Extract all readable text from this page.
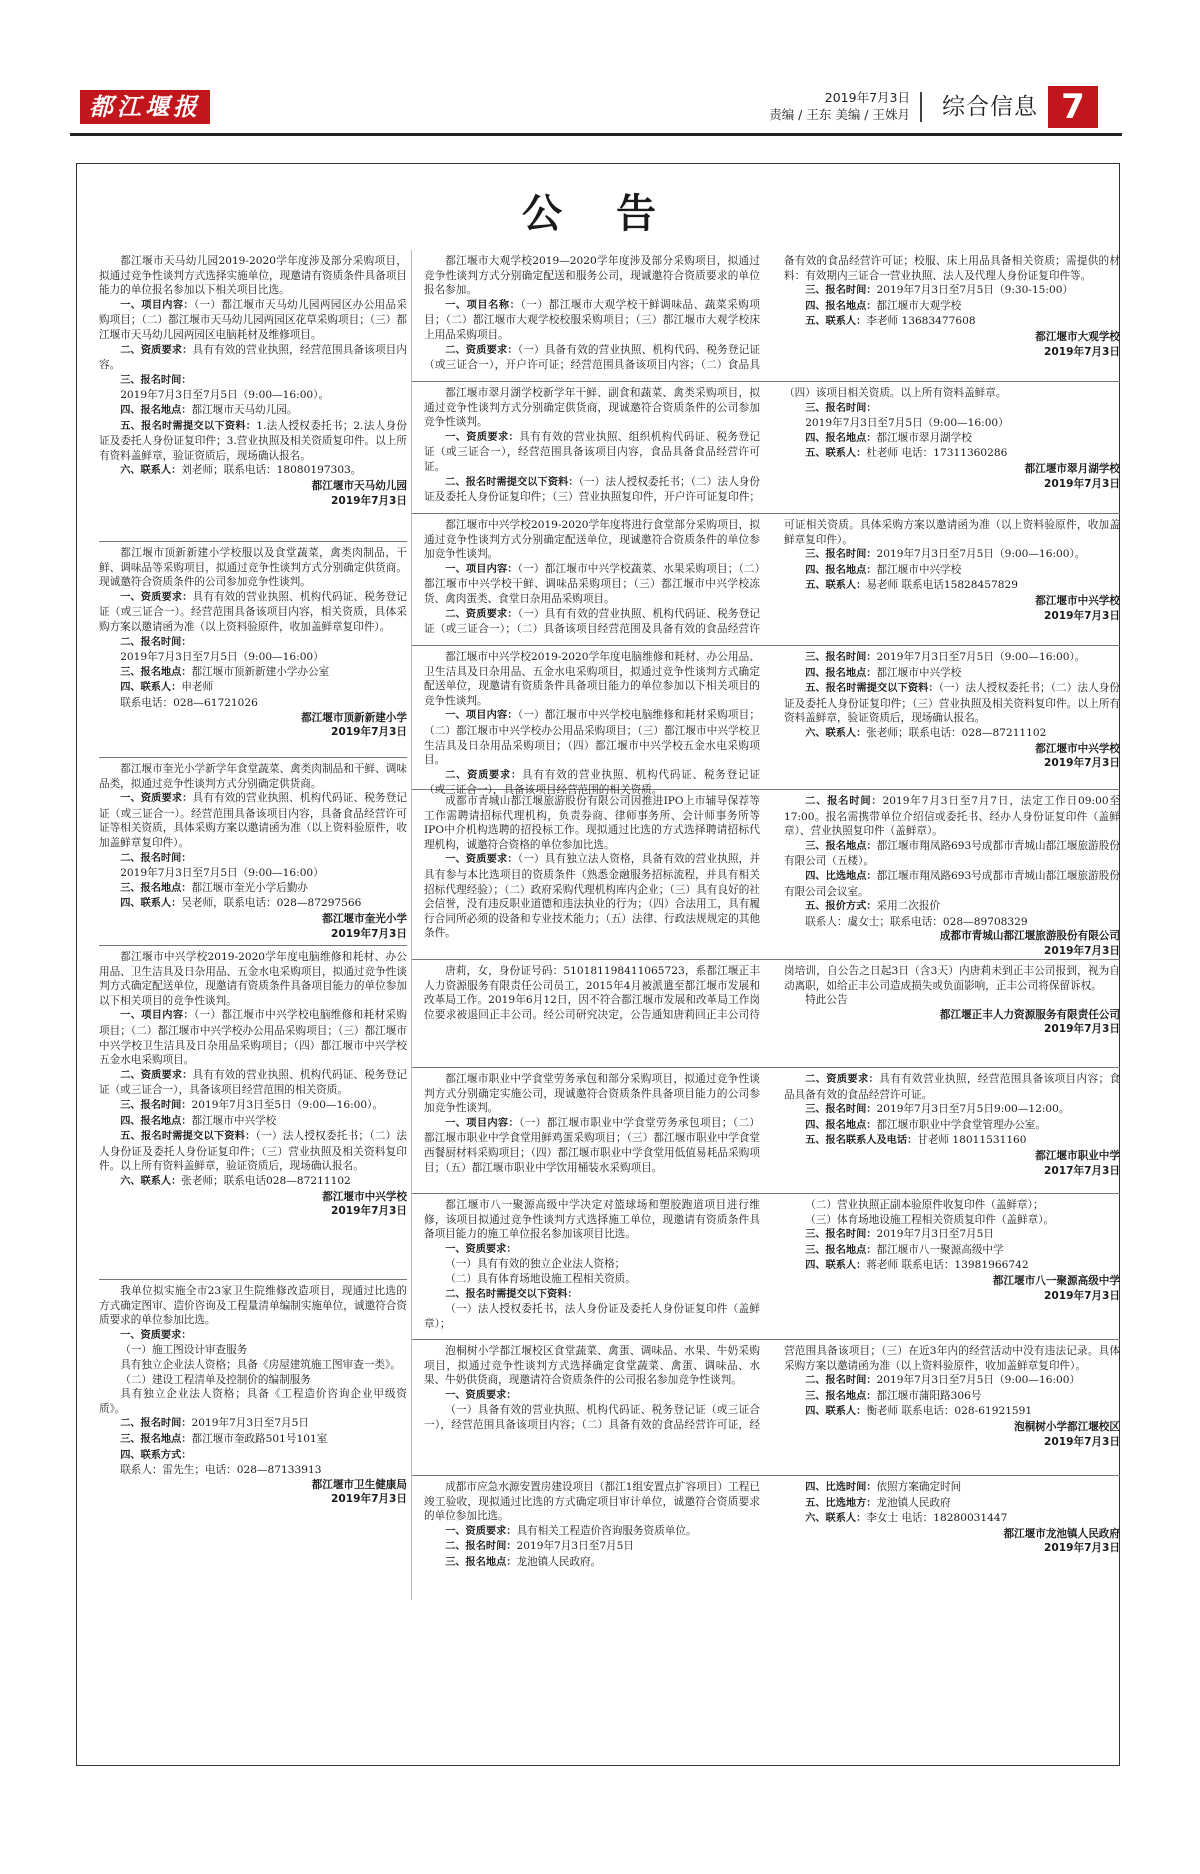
都江堰报	2019年7月3日
责编 / 王东 美编 / 王姝月 综合信息 7
公 告

都江堰市天马幼儿园2019-2020学年度涉及部分采购项目，拟通过竞争性谈判方式选择实施单位，现邀请有资质条件具备项目能力的单位报名参加以下相关项目比选。

一、项目内容：（一）都江堰市天马幼儿园两园区办公用品采购项目；（二）都江堰市天马幼儿园两园区花草采购项目；（三）都江堰市天马幼儿园两园区电脑耗材及维修项目。

二、资质要求：具有有效的营业执照，经营范围具备该项目内容。

三、报名时间：

2019年7月3日至7月5日（9:00—16:00）。

四、报名地点：都江堰市天马幼儿园。

五、报名时需提交以下资料：1.法人授权委托书；2.法人身份证及委托人身份证复印件；3.营业执照及相关资质复印件。以上所有资料盖鲜章，验证资质后，现场确认报名。

六、联系人：刘老师；联系电话：18080197303。

都江堰市天马幼儿园
2019年7月3日

都江堰市顶新新建小学校服以及食堂蔬菜，禽类肉制品，干鲜、调味品等采购项目，拟通过竞争性谈判方式分别确定供货商。现诚邀符合资质条件的公司参加竞争性谈判。

一、资质要求：具有有效的营业执照、机构代码证、税务登记证（或三证合一）。经营范围具备该项目内容，相关资质，具体采购方案以邀请函为准（以上资料验原件，收加盖鲜章复印件）。

二、报名时间：

2019年7月3日至7月5日（9:00—16:00）

三、报名地点：都江堰市顶新新建小学办公室

四、联系人：申老师

联系电话：028—61721026

都江堰市顶新新建小学
2019年7月3日

都江堰市奎光小学新学年食堂蔬菜、禽类肉制品和干鲜、调味品类，拟通过竞争性谈判方式分别确定供货商。

一、资质要求：具有有效的营业执照、机构代码证、税务登记证（或三证合一）。经营范围具备该项目内容，具备食品经营许可证等相关资质，具体采购方案以邀请函为准（以上资料验原件，收加盖鲜章复印件）。

二、报名时间：

2019年7月3日至7月5日（9:00—16:00）

三、报名地点：都江堰市奎光小学后勤办

四、联系人：吴老师，联系电话：028—87297566

都江堰市奎光小学
2019年7月3日

都江堰市中兴学校2019-2020学年度电脑维修和耗材、办公用品、卫生洁具及日杂用品、五金水电采购项目，拟通过竞争性谈判方式确定配送单位，现邀请有资质条件具备项目能力的单位参加以下相关项目的竞争性谈判。

一、项目内容：（一）都江堰市中兴学校电脑维修和耗材采购项目；（二）都江堰市中兴学校办公用品采购项目；（三）都江堰市中兴学校卫生洁具及日杂用品采购项目；（四）都江堰市中兴学校五金水电采购项目。

二、资质要求：具有有效的营业执照、机构代码证、税务登记证（或三证合一），具备该项目经营范围的相关资质。

三、报名时间：2019年7月3日至5日（9:00—16:00）。

四、报名地点：都江堰市中兴学校

五、报名时需提交以下资料：（一）法人授权委托书；（二）法人身份证及委托人身份证复印件；（三）营业执照及相关资料复印件。以上所有资料盖鲜章，验证资质后，现场确认报名。

六、联系人：张老师；联系电话028—87211102

都江堰市中兴学校
2019年7月3日

我单位拟实施全市23家卫生院维修改造项目，现通过比选的方式确定图审、造价咨询及工程量清单编制实施单位，诚邀符合资质要求的单位参加比选。

一、资质要求：

（一）施工图设计审查服务

具有独立企业法人资格；具备《房屋建筑施工图审查一类》。

（二）建设工程清单及控制价的编制服务

具有独立企业法人资格；具备《工程造价咨询企业甲级资质》。

二、报名时间：2019年7月3日至7月5日

三、报名地点：都江堰市奎政路501号101室

四、联系方式：

联系人：雷先生；电话：028—87133913

都江堰市卫生健康局
2019年7月3日

都江堰市大观学校2019—2020学年度涉及部分采购项目，拟通过竞争性谈判方式分别确定配送和服务公司，现诚邀符合资质要求的单位报名参加。

一、项目名称：（一）都江堰市大观学校干鲜调味品、蔬菜采购项目；（二）都江堰市大观学校校服采购项目；（三）都江堰市大观学校床上用品采购项目。

二、资质要求：（一）具备有效的营业执照、机构代码、税务登记证（或三证合一），开户许可证；经营范围具备该项目内容；（二）食品具备有效的食品经营许可证；校服、床上用品具备相关资质；需提供的材料：有效期内三证合一营业执照、法人及代理人身份证复印件等。

三、报名时间：2019年7月3日至7月5日（9:30-15:00）

四、报名地点：都江堰市大观学校

五、联系人：李老师 13683477608

都江堰市大观学校
2019年7月3日

都江堰市翠月湖学校新学年干鲜、副食和蔬菜、禽类采购项目，拟通过竞争性谈判方式分别确定供货商，现诚邀符合资质条件的公司参加竞争性谈判。

一、资质要求：具有有效的营业执照、组织机构代码证、税务登记证（或三证合一），经营范围具备该项目内容，食品具备食品经营许可证。

二、报名时需提交以下资料：（一）法人授权委托书；（二）法人身份证及委托人身份证复印件；（三）营业执照复印件，开户许可证复印件；（四）该项目相关资质。以上所有资料盖鲜章。

三、报名时间：

2019年7月3日至7月5日（9:00—16:00）

四、报名地点：都江堰市翠月湖学校

五、联系人：杜老师 电话：17311360286

都江堰市翠月湖学校
2019年7月3日

都江堰市中兴学校2019-2020学年度将进行食堂部分采购项目，拟通过竞争性谈判方式分别确定配送单位，现诚邀符合资质条件的单位参加竞争性谈判。

一、项目内容：（一）都江堰市中兴学校蔬菜、水果采购项目；（二）都江堰市中兴学校干鲜、调味品采购项目；（三）都江堰市中兴学校冻货、禽肉蛋类、食堂日杂用品采购项目。

二、资质要求：（一）具有有效的营业执照、机构代码证、税务登记证（或三证合一）；（二）具备该项目经营范围及具备有效的食品经营许可证相关资质。具体采购方案以邀请函为准（以上资料验原件，收加盖鲜章复印件）。

三、报名时间：2019年7月3日至7月5日（9:00—16:00）。

四、报名地点：都江堰市中兴学校

五、联系人：易老师 联系电话15828457829

都江堰市中兴学校
2019年7月3日

都江堰市中兴学校2019-2020学年度电脑维修和耗材、办公用品、卫生洁具及日杂用品、五金水电采购项目，拟通过竞争性谈判方式确定配送单位，现邀请有资质条件具备项目能力的单位参加以下相关项目的竞争性谈判。

一、项目内容：（一）都江堰市中兴学校电脑维修和耗材采购项目；（二）都江堰市中兴学校办公用品采购项目；（三）都江堰市中兴学校卫生洁具及日杂用品采购项目；（四）都江堰市中兴学校五金水电采购项目。

二、资质要求：具有有效的营业执照、机构代码证、税务登记证（或三证合一），具备该项目经营范围的相关资质。

三、报名时间：2019年7月3日至7月5日（9:00—16:00）。

四、报名地点：都江堰市中兴学校

五、报名时需提交以下资料：（一）法人授权委托书；（二）法人身份证及委托人身份证复印件；（三）营业执照及相关资料复印件。以上所有资料盖鲜章，验证资质后，现场确认报名。

六、联系人：张老师；联系电话：028—87211102

都江堰市中兴学校
2019年7月3日

成都市青城山都江堰旅游股份有限公司因推进IPO上市辅导保荐等工作需聘请招标代理机构，负责券商、律师事务所、会计师事务所等IPO中介机构选聘的招投标工作。现拟通过比选的方式选择聘请招标代理机构，诚邀符合资格的单位参加比选。

一、资质要求：（一）具有独立法人资格，具备有效的营业执照，并具有参与本比选项目的资质条件（熟悉金融服务招标流程，并具有相关招标代理经验）；（二）政府采购代理机构库内企业；（三）具有良好的社会信誉，没有违反职业道德和违法执业的行为；（四）合法用工，具有履行合同所必须的设备和专业技术能力；（五）法律、行政法规规定的其他条件。

二、报名时间：2019年7月3日至7月7日，法定工作日09:00至17:00。报名需携带单位介绍信或委托书、经办人身份证复印件（盖鲜章）、营业执照复印件（盖鲜章）。

三、报名地点：都江堰市翔凤路693号成都市青城山都江堰旅游股份有限公司（五楼）。

四、比选地点：都江堰市翔凤路693号成都市青城山都江堰旅游股份有限公司会议室。

五、报价方式：采用二次报价

联系人：虞女士；联系电话：028—89708329

成都市青城山都江堰旅游股份有限公司
2019年7月3日

唐莉，女，身份证号码：510181198411065723，系都江堰正丰人力资源服务有限责任公司员工，2015年4月被派遣至都江堰市发展和改革局工作。2019年6月12日，因不符合都江堰市发展和改革局工作岗位要求被退回正丰公司。经公司研究决定，公告通知唐莉回正丰公司待岗培训，自公告之日起3日（含3天）内唐莉未到正丰公司报到，视为自动离职，如给正丰公司造成损失或负面影响，正丰公司将保留诉权。

特此公告

都江堰正丰人力资源服务有限责任公司
2019年7月3日

都江堰市职业中学食堂劳务承包和部分采购项目，拟通过竞争性谈判方式分别确定实施公司，现诚邀符合资质条件具备项目能力的公司参加竞争性谈判。

一、项目内容：（一）都江堰市职业中学食堂劳务承包项目；（二）都江堰市职业中学食堂用鲜鸡蛋采购项目；（三）都江堰市职业中学食堂西餐厨材料采购项目；（四）都江堰市职业中学食堂用低值易耗品采购项目；（五）都江堰市职业中学饮用桶装水采购项目。

二、资质要求：具有有效营业执照，经营范围具备该项目内容；食品具备有效的食品经营许可证。

三、报名时间：2019年7月3日至7月5日9:00—12:00。

四、报名地点：都江堰市职业中学食堂管理办公室。

五、报名联系人及电话：甘老师 18011531160

都江堰市职业中学
2017年7月3日

都江堰市八一聚源高级中学决定对篮球场和塑胶跑道项目进行维修，该项目拟通过竞争性谈判方式选择施工单位，现邀请有资质条件具备项目能力的施工单位报名参加该项目比选。

一、资质要求：

（一）具有有效的独立企业法人资格；

（二）具有体育场地设施工程相关资质。

二、报名时需提交以下资料：

（一）法人授权委托书，法人身份证及委托人身份证复印件（盖鲜章）；

（二）营业执照正副本验原件收复印件（盖鲜章）；

（三）体育场地设施工程相关资质复印件（盖鲜章）。

三、报名时间：2019年7月3日至7月5日

三、报名地点：都江堰市八一聚源高级中学

四、联系人：蒋老师 联系电话：13981966742

都江堰市八一聚源高级中学
2019年7月3日

泡桐树小学都江堰校区食堂蔬菜、禽蛋、调味品、水果、牛奶采购项目，拟通过竞争性谈判方式选择确定食堂蔬菜、禽蛋、调味品、水果、牛奶供货商，现邀请符合资质条件的公司报名参加竞争性谈判。

一、资质要求：

（一）具备有效的营业执照、机构代码证、税务登记证（或三证合一），经营范围具备该项目内容；（二）具备有效的食品经营许可证，经营范围具备该项目；（三）在近3年内的经营活动中没有违法记录。具体采购方案以邀请函为准（以上资料验原件，收加盖鲜章复印件）。

二、报名时间：2019年7月3日至7月5日（9:00—16:00）

三、报名地点：都江堰市蒲阳路306号

四、联系人：衡老师 联系电话：028-61921591

泡桐树小学都江堰校区
2019年7月3日

成都市应急水源安置房建设项目（都江1组安置点扩容项目）工程已竣工验收，现拟通过比选的方式确定项目审计单位，诚邀符合资质要求的单位参加比选。

一、资质要求：具有相关工程造价咨询服务资质单位。

二、报名时间：2019年7月3日至7月5日

三、报名地点：龙池镇人民政府。

四、比选时间：依照方案确定时间

五、比选地方：龙池镇人民政府

六、联系人：李女士 电话：18280031447

都江堰市龙池镇人民政府
2019年7月3日
